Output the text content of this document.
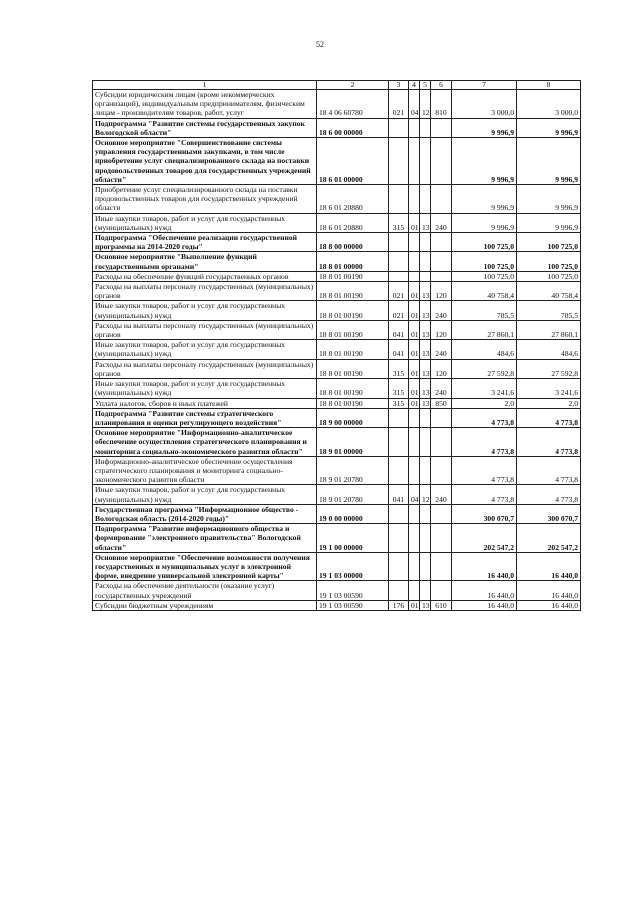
52
1	2	3	4	5	6	7	8
Субсидии юридическим лицам (кроме некоммерческих организаций), индивидуальным предпринимателям, физическим лицам - производителям товаров, работ, услуг	18 4 06 60780	021	04	12	810	3 000,0	3 000,0
Подпрограмма "Развитие системы государственных закупок Вологодской области"	18 6 00 00000					9 996,9	9 996,9
Основное мероприятие "Совершенствование системы управления государственными закупками, в том числе приобретение услуг специализированного склада на поставки продовольственных товаров для государственных учреждений области"	18 6 01 00000					9 996,9	9 996,9
Приобретение услуг специализированного склада на поставки продовольственных товаров для государственных учреждений области	18 6 01 20880					9 996,9	9 996,9
Иные закупки товаров, работ и услуг для государственных (муниципальных) нужд	18 6 01 20880	315	01	13	240	9 996,9	9 996,9
Подпрограмма "Обеспечение реализации государственной программы на 2014-2020 годы"	18 8 00 00000					100 725,0	100 725,0
Основное мероприятие "Выполнение функций государственными органами"	18 8 01 00000					100 725,0	100 725,0
Расходы на обеспечение функций государственных органов	18 8 01 00190					100 725,0	100 725,0
Расходы на выплаты персоналу государственных (муниципальных) органов	18 8 01 00190	021	01	13	120	40 758,4	40 758,4
Иные закупки товаров, работ и услуг для государственных (муниципальных) нужд	18 8 01 00190	021	01	13	240	785,5	785,5
Расходы на выплаты персоналу государственных (муниципальных) органов	18 8 01 00190	041	01	13	120	27 860,1	27 860,1
Иные закупки товаров, работ и услуг для государственных (муниципальных) нужд	18 8 01 00190	041	01	13	240	484,6	484,6
Расходы на выплаты персоналу государственных (муниципальных) органов	18 8 01 00190	315	01	13	120	27 592,8	27 592,8
Иные закупки товаров, работ и услуг для государственных (муниципальных) нужд	18 8 01 00190	315	01	13	240	3 241,6	3 241,6
Уплата налогов, сборов и иных платежей	18 8 01 00190	315	01	13	850	2,0	2,0
Подпрограмма "Развитие системы стратегического планирования и оценки регулирующего воздействия"	18 9 00 00000					4 773,8	4 773,8
Основное мероприятие "Информационно-аналитическое обеспечение осуществления стратегического планирования и мониторинга социально-экономического развития области"	18 9 01 00000					4 773,8	4 773,8
Информационно-аналитическое обеспечение осуществления стратегического планирования и мониторинга социально-экономического развития области	18 9 01 20780					4 773,8	4 773,8
Иные закупки товаров, работ и услуг для государственных (муниципальных) нужд	18 9 01 20780	041	04	12	240	4 773,8	4 773,8
Государственная программа "Информационное общество - Вологодская область (2014-2020 годы)"	19 0 00 00000					300 070,7	300 070,7
Подпрограмма "Развитие информационного общества и формирование "электронного правительства" Вологодской области"	19 1 00 00000					202 547,2	202 547,2
Основное мероприятие "Обеспечение возможности получения государственных и муниципальных услуг в электронной форме, внедрение универсальной электронной карты"	19 1 03 00000					16 440,0	16 440,0
Расходы на обеспечение деятельности (оказание услуг) государственных учреждений	19 1 03 00590					16 440,0	16 440,0
Субсидии бюджетным учреждениям	19 1 03 00590	176	01	13	610	16 440,0	16 440,0
